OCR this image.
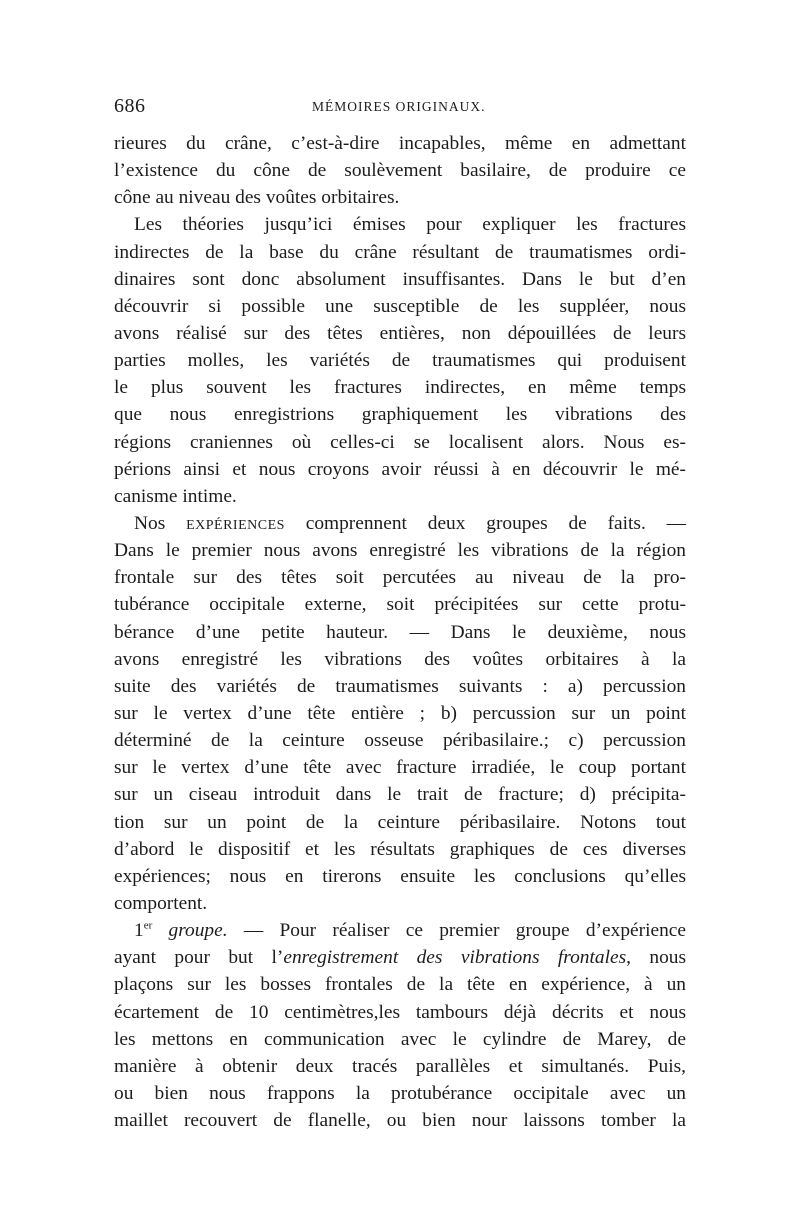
686	MÉMOIRES ORIGINAUX.
rieures du crâne, c’est-à-dire incapables, même en admettant
l’existence du cône de soulèvement basilaire, de produire ce
cône au niveau des voûtes orbitaires.
Les théories jusqu’ici émises pour expliquer les fractures
indirectes de la base du crâne résultant de traumatismes ordi-
dinaires sont donc absolument insuffisantes. Dans le but d’en
découvrir si possible une susceptible de les suppléer, nous
avons réalisé sur des têtes entières, non dépouillées de leurs
parties molles, les variétés de traumatismes qui produisent
le plus souvent les fractures indirectes, en même temps
que nous enregistrions graphiquement les vibrations des
régions craniennes où celles-ci se localisent alors. Nous es-
périons ainsi et nous croyons avoir réussi à en découvrir le mé-
canisme intime.
Nos expériences comprennent deux groupes de faits. —
Dans le premier nous avons enregistré les vibrations de la région
frontale sur des têtes soit percutées au niveau de la pro-
tubérance occipitale externe, soit précipitées sur cette protu-
bérance d’une petite hauteur. — Dans le deuxième, nous
avons enregistré les vibrations des voûtes orbitaires à la
suite des variétés de traumatismes suivants : a) percussion
sur le vertex d’une tête entière ; b) percussion sur un point
déterminé de la ceinture osseuse péribasilaire.; c) percussion
sur le vertex d’une tête avec fracture irradiée, le coup portant
sur un ciseau introduit dans le trait de fracture; d) précipita-
tion sur un point de la ceinture péribasilaire. Notons tout
d’abord le dispositif et les résultats graphiques de ces diverses
expériences; nous en tirerons ensuite les conclusions qu’elles
comportent.
1er groupe. — Pour réaliser ce premier groupe d’expérience
ayant pour but l’enregistrement des vibrations frontales, nous
plaçons sur les bosses frontales de la tête en expérience, à un
écartement de 10 centimètres,les tambours déjà décrits et nous
les mettons en communication avec le cylindre de Marey, de
manière à obtenir deux tracés parallèles et simultanés. Puis,
ou bien nous frappons la protubérance occipitale avec un
maillet recouvert de flanelle, ou bien nour laissons tomber la
